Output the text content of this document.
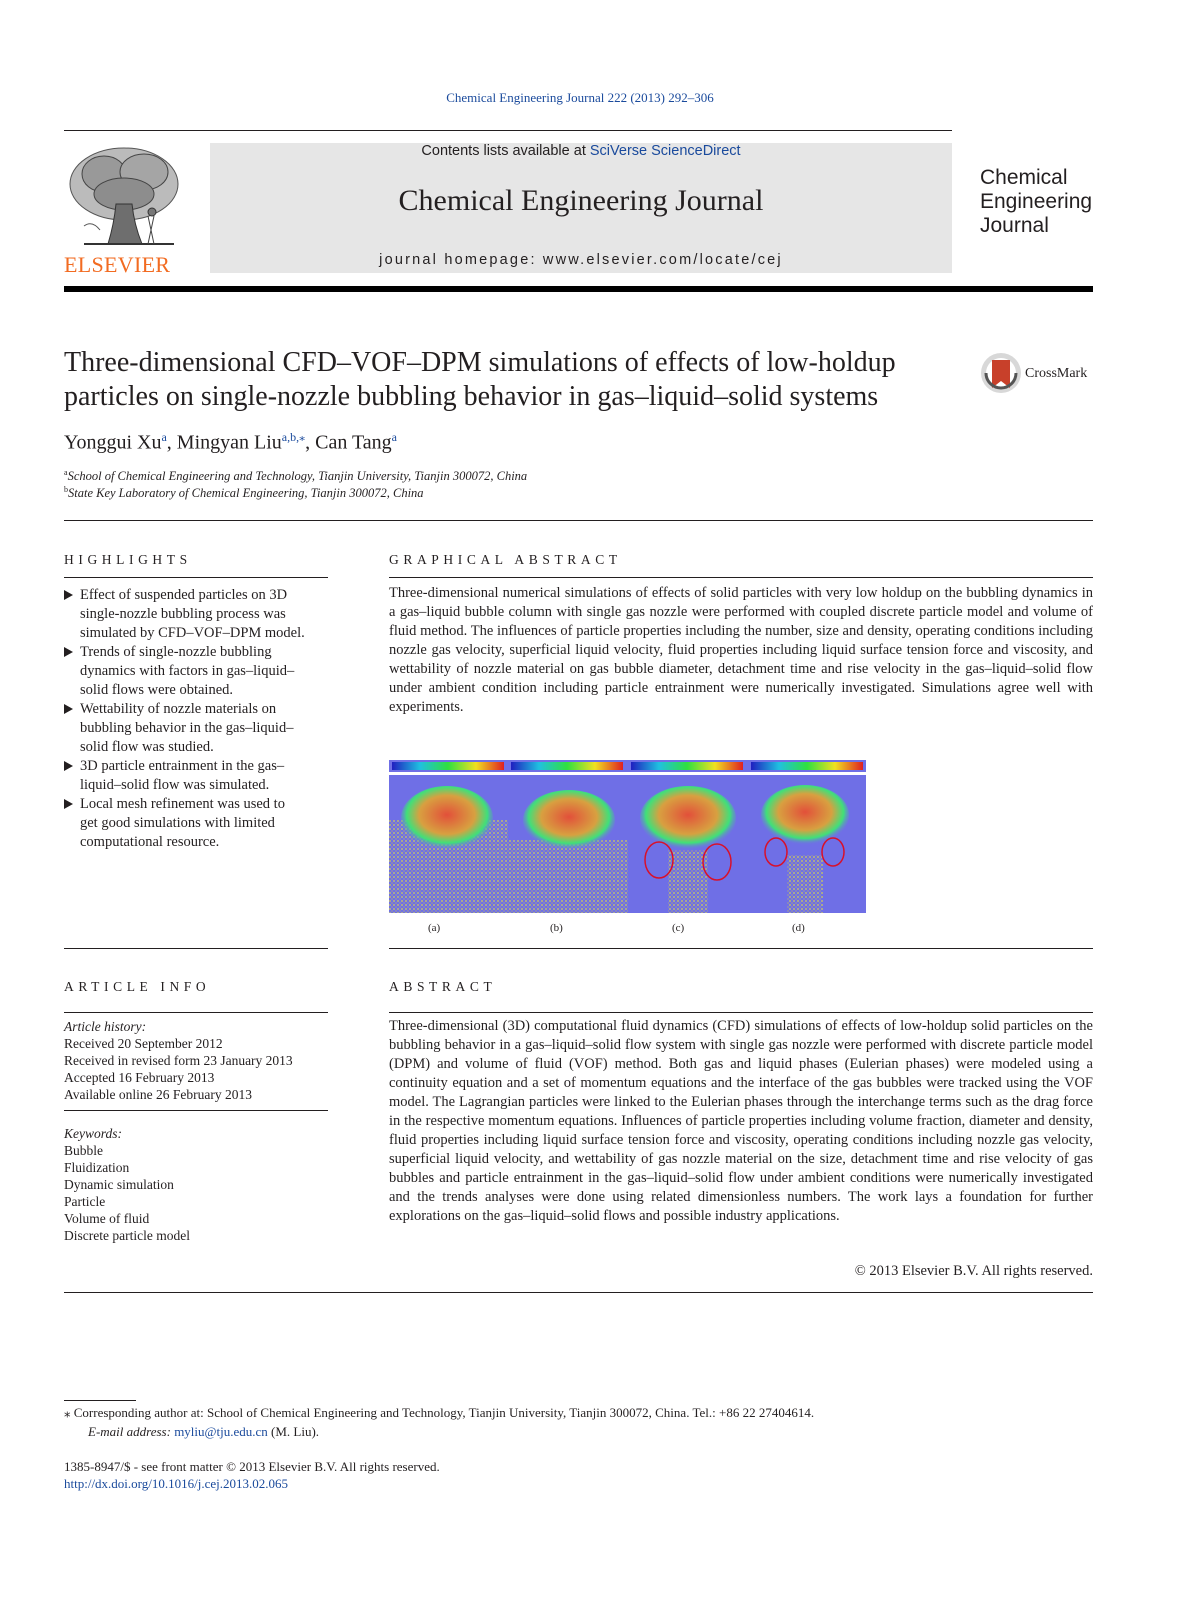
Chemical Engineering Journal 222 (2013) 292–306
ELSEVIER
Contents lists available at SciVerse ScienceDirect
Chemical Engineering Journal
journal homepage: www.elsevier.com/locate/cej
Chemical
Engineering
Journal
Three-dimensional CFD–VOF–DPM simulations of effects of low-holdup
particles on single-nozzle bubbling behavior in gas–liquid–solid systems
CrossMark
Yonggui Xu$^a$, Mingyan Liu$^{a,b,⁎}$, Can Tang$^a$
$^a$School of Chemical Engineering and Technology, Tianjin University, Tianjin 300072, China
$^b$State Key Laboratory of Chemical Engineering, Tianjin 300072, China
HIGHLIGHTS
Effect of suspended particles on 3D
single-nozzle bubbling process was
simulated by CFD–VOF–DPM model.
Trends of single-nozzle bubbling
dynamics with factors in gas–liquid–
solid flows were obtained.
Wettability of nozzle materials on
bubbling behavior in the gas–liquid–
solid flow was studied.
3D particle entrainment in the gas–
liquid–solid flow was simulated.
Local mesh refinement was used to
get good simulations with limited
computational resource.
GRAPHICAL ABSTRACT
Three-dimensional numerical simulations of effects of solid particles with very low holdup on the bubbling dynamics in a gas–liquid bubble column with single gas nozzle were performed with coupled discrete particle model and volume of fluid method. The influences of particle properties including the number, size and density, operating conditions including nozzle gas velocity, superficial liquid velocity, fluid properties including liquid surface tension force and viscosity, and wettability of nozzle material on gas bubble diameter, detachment time and rise velocity in the gas–liquid–solid flow under ambient condition including particle entrainment were numerically investigated. Simulations agree well with experiments.
(a)	(b)	(c)	(d)
ARTICLE INFO
Article history:
Received 20 September 2012
Received in revised form 23 January 2013
Accepted 16 February 2013
Available online 26 February 2013
Keywords:
Bubble
Fluidization
Dynamic simulation
Particle
Volume of fluid
Discrete particle model
ABSTRACT
Three-dimensional (3D) computational fluid dynamics (CFD) simulations of effects of low-holdup solid particles on the bubbling behavior in a gas–liquid–solid flow system with single gas nozzle were performed with discrete particle model (DPM) and volume of fluid (VOF) method. Both gas and liquid phases (Eulerian phases) were modeled using a continuity equation and a set of momentum equations and the interface of the gas bubbles were tracked using the VOF model. The Lagrangian particles were linked to the Eulerian phases through the interchange terms such as the drag force in the respective momentum equations. Influences of particle properties including volume fraction, diameter and density, fluid properties including liquid surface tension force and viscosity, operating conditions including nozzle gas velocity, superficial liquid velocity, and wettability of gas nozzle material on the size, detachment time and rise velocity of gas bubbles and particle entrainment in the gas–liquid–solid flow under ambient conditions were numerically investigated and the trends analyses were done using related dimensionless numbers. The work lays a foundation for further explorations on the gas–liquid–solid flows and possible industry applications.
© 2013 Elsevier B.V. All rights reserved.
⁎ Corresponding author at: School of Chemical Engineering and Technology, Tianjin University, Tianjin 300072, China. Tel.: +86 22 27404614.
E-mail address: myliu@tju.edu.cn (M. Liu).
1385-8947/$ - see front matter © 2013 Elsevier B.V. All rights reserved.
http://dx.doi.org/10.1016/j.cej.2013.02.065
